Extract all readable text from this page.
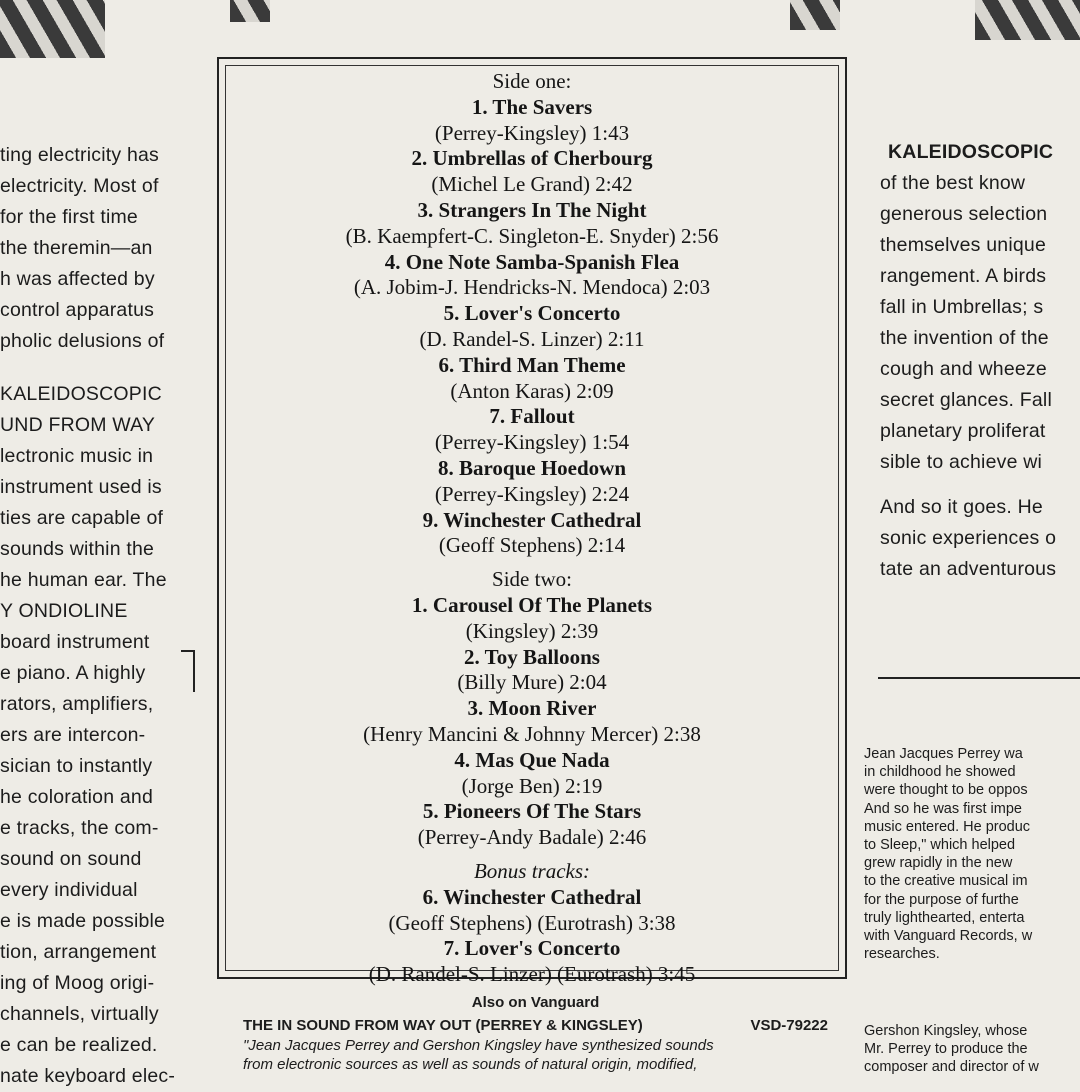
ting electricity has

electricity. Most of

for the first time

the theremin—an

h was affected by

control apparatus

pholic delusions of

KALEIDOSCOPIC

UND FROM WAY

lectronic music in

instrument used is

ties are capable of

sounds within the

he human ear. The

Y ONDIOLINE

board instrument

e piano. A highly

rators, amplifiers,

ers are intercon-

sician to instantly

he coloration and

e tracks, the com-

sound on sound

every individual

e is made possible

tion, arrangement

ing of Moog origi-

channels, virtually

e can be realized.

nate keyboard elec-

Side one:
1. The Savers
(Perrey-Kingsley) 1:43
2. Umbrellas of Cherbourg
(Michel Le Grand) 2:42
3. Strangers In The Night
(B. Kaempfert-C. Singleton-E. Snyder) 2:56
4. One Note Samba-Spanish Flea
(A. Jobim-J. Hendricks-N. Mendoca) 2:03
5. Lover's Concerto
(D. Randel-S. Linzer) 2:11
6. Third Man Theme
(Anton Karas) 2:09
7. Fallout
(Perrey-Kingsley) 1:54
8. Baroque Hoedown
(Perrey-Kingsley) 2:24
9. Winchester Cathedral
(Geoff Stephens) 2:14
Side two:
1. Carousel Of The Planets
(Kingsley) 2:39
2. Toy Balloons
(Billy Mure) 2:04
3. Moon River
(Henry Mancini & Johnny Mercer) 2:38
4. Mas Que Nada
(Jorge Ben) 2:19
5. Pioneers Of The Stars
(Perrey-Andy Badale) 2:46
Bonus tracks:
6. Winchester Cathedral
(Geoff Stephens) (Eurotrash) 3:38
7. Lover's Concerto
(D. Randel-S. Linzer) (Eurotrash) 3:45
Also on Vanguard
THE IN SOUND FROM WAY OUT (PERREY & KINGSLEY)	VSD-79222
"Jean Jacques Perrey and Gershon Kingsley have synthesized sounds
from electronic sources as well as sounds of natural origin, modified,

KALEIDOSCOPIC

of the best know

generous selection

themselves unique

rangement. A birds

fall in Umbrellas; s

the invention of the

cough and wheeze

secret glances. Fall

planetary proliferat

sible to achieve wi

And so it goes. He

sonic experiences o

tate an adventurous

Jean Jacques Perrey wa

in childhood he showed

were thought to be oppos

And so he was first impe

music entered. He produc

to Sleep," which helped

grew rapidly in the new

to the creative musical im

for the purpose of furthe

truly lighthearted, enterta

with Vanguard Records, w

researches.

Gershon Kingsley, whose

Mr. Perrey to produce the

composer and director of w
